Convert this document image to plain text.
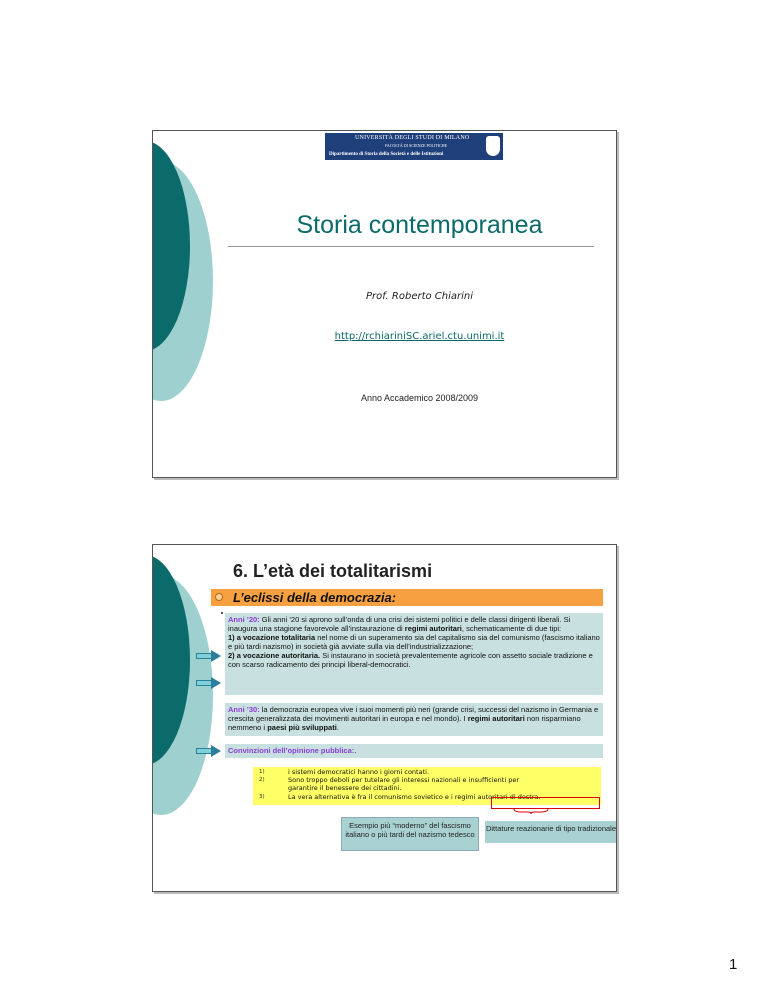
UNIVERSITÀ DEGLI STUDI DI MILANO
FACOLTÀ DI SCIENZE POLITICHE
Dipartimento di Storia della Società e delle Istituzioni
Storia contemporanea
Prof. Roberto Chiarini
http://rchiariniSC.ariel.ctu.unimi.it
Anno Accademico 2008/2009
6. L’età dei totalitarismi
L’eclissi della democrazia:
Anni ’20: Gli anni ’20 si aprono sull’onda di una crisi dei sistemi politici e delle classi dirigenti liberali. Si inaugura una stagione favorevole all’instaurazione di regimi autoritari, schematicamente di due tipi:
1) a vocazione totalitaria nel nome di un superamento sia del capitalismo sia del comunismo (fascismo italiano e più tardi nazismo) in società già avviate sulla via dell’industrializzazione;
2) a vocazione autoritaria. Si instaurano in società prevalentemente agricole con assetto sociale tradizione e con scarso radicamento dei principi liberal-democratici.
Anni ’30: la democrazia europea vive i suoi momenti più neri (grande crisi, successi del nazismo in Germania e crescita generalizzata dei movimenti autoritari in europa e nel mondo). I regimi autoritari non risparmiano nemmeno i paesi più sviluppati.
Convinzioni dell’opinione pubblica:.
1)	i sistemi democratici hanno i giorni contati.
2)	Sono troppo deboli per tutelare gli interessi nazionali e insufficienti per
garantire il benessere dei cittadini.
3)	La vera alternativa è fra il comunismo sovietico e i regimi autoritari di destra.
Esempio più “moderno” del fascismo italiano o più tardi del nazismo tedesco
Dittature reazionarie di tipo tradizionale
1
